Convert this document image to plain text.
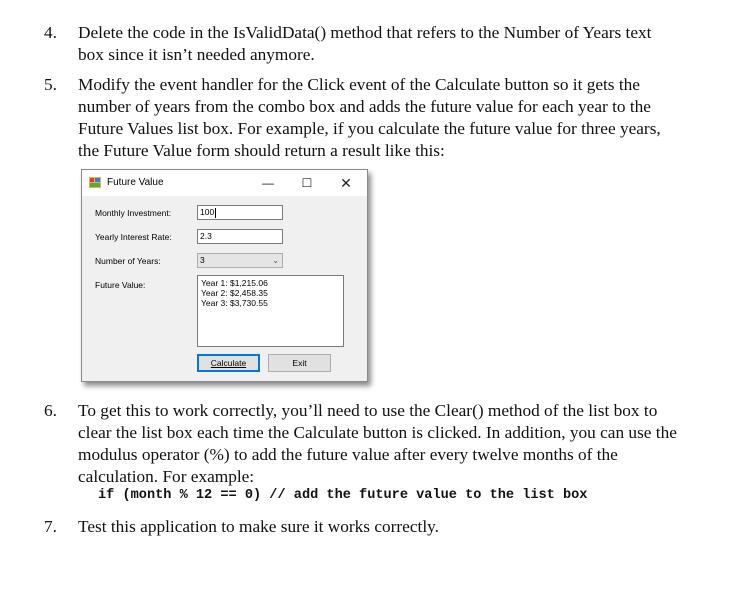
4. Delete the code in the IsValidData() method that refers to the Number of Years text box since it isn’t needed anymore.
5. Modify the event handler for the Click event of the Calculate button so it gets the number of years from the combo box and adds the future value for each year to the Future Values list box. For example, if you calculate the future value for three years, the Future Value form should return a result like this:
Future Value	—	☐	✕
Monthly Investment:	100
Yearly Interest Rate:	2.3
Number of Years:	3	⌄
Future Value:	Year 1: $1,215.06
Year 2: $2,458.35
Year 3: $3,730.55
Calculate	Exit
6. To get this to work correctly, you’ll need to use the Clear() method of the list box to clear the list box each time the Calculate button is clicked. In addition, you can use the modulus operator (%) to add the future value after every twelve months of the calculation. For example:
if (month % 12 == 0) // add the future value to the list box
7. Test this application to make sure it works correctly.
